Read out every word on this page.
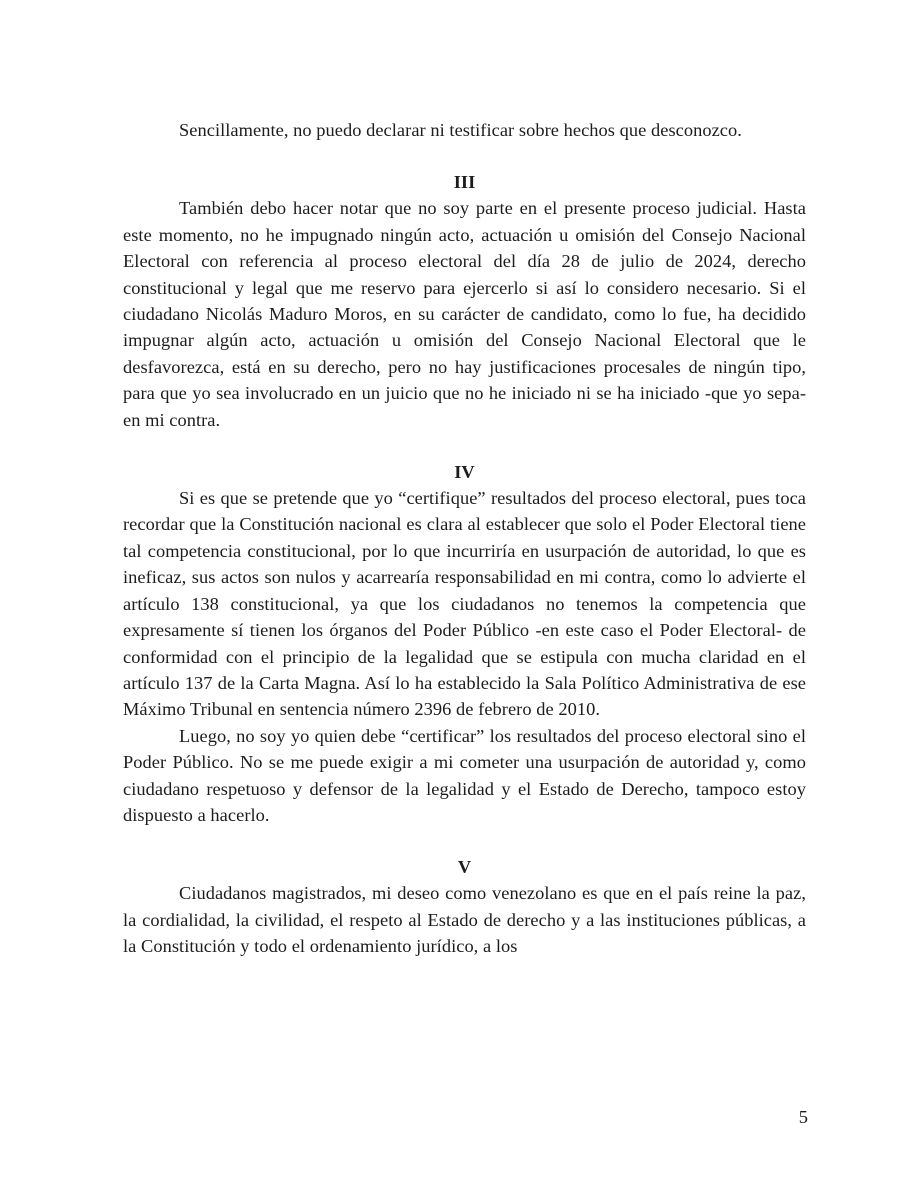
Sencillamente, no puedo declarar ni testificar sobre hechos que desconozco.

III

También debo hacer notar que no soy parte en el presente proceso judicial. Hasta este momento, no he impugnado ningún acto, actuación u omisión del Consejo Nacional Electoral con referencia al proceso electoral del día 28 de julio de 2024, derecho constitucional y legal que me reservo para ejercerlo si así lo considero necesario. Si el ciudadano Nicolás Maduro Moros, en su carácter de candidato, como lo fue, ha decidido impugnar algún acto, actuación u omisión del Consejo Nacional Electoral que le desfavorezca, está en su derecho, pero no hay justificaciones procesales de ningún tipo, para que yo sea involucrado en un juicio que no he iniciado ni se ha iniciado -que yo sepa- en mi contra.

IV

Si es que se pretende que yo “certifique” resultados del proceso electoral, pues toca recordar que la Constitución nacional es clara al establecer que solo el Poder Electoral tiene tal competencia constitucional, por lo que incurriría en usurpación de autoridad, lo que es ineficaz, sus actos son nulos y acarrearía responsabilidad en mi contra, como lo advierte el artículo 138 constitucional, ya que los ciudadanos no tenemos la competencia que expresamente sí tienen los órganos del Poder Público -en este caso el Poder Electoral- de conformidad con el principio de la legalidad que se estipula con mucha claridad en el artículo 137 de la Carta Magna. Así lo ha establecido la Sala Político Administrativa de ese Máximo Tribunal en sentencia número 2396 de febrero de 2010.

Luego, no soy yo quien debe “certificar” los resultados del proceso electoral sino el Poder Público. No se me puede exigir a mi cometer una usurpación de autoridad y, como ciudadano respetuoso y defensor de la legalidad y el Estado de Derecho, tampoco estoy dispuesto a hacerlo.

V

Ciudadanos magistrados, mi deseo como venezolano es que en el país reine la paz, la cordialidad, la civilidad, el respeto al Estado de derecho y a las instituciones públicas, a la Constitución y todo el ordenamiento jurídico, a los

5
